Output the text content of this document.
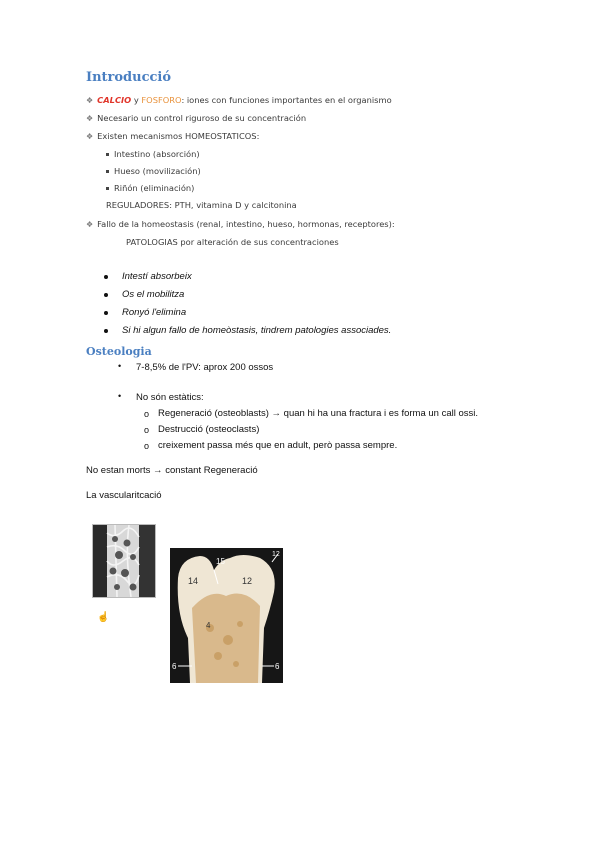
Introducció
❖ CALCIO y FOSFORO: iones con funciones importantes en el organismo
❖ Necesario un control riguroso de su concentración
❖ Existen mecanismos HOMEOSTATICOS:
Intestino (absorción)
Hueso (movilización)
Riñón (eliminación)
REGULADORES: PTH, vitamina D y calcitonina
❖ Fallo de la homeostasis (renal, intestino, hueso, hormonas, receptores):
PATOLOGIAS por alteración de sus concentraciones
Intestí absorbeix
Os el mobilitza
Ronyó l'elimina
Si hi algun fallo de homeòstasis, tindrem patologies associades.
Osteologia
• 7-8,5% de l'PV: aprox 200 ossos
• No són estàtics:
o Regeneració (osteoblasts) → quan hi ha una fractura i es forma un call ossi.
o Destrucció (osteoclasts)
o creixement passa més que en adult, però passa sempre.
No estan morts → constant Regeneració
La vascularitcació
☝
15
14	12
12
4
6	6
